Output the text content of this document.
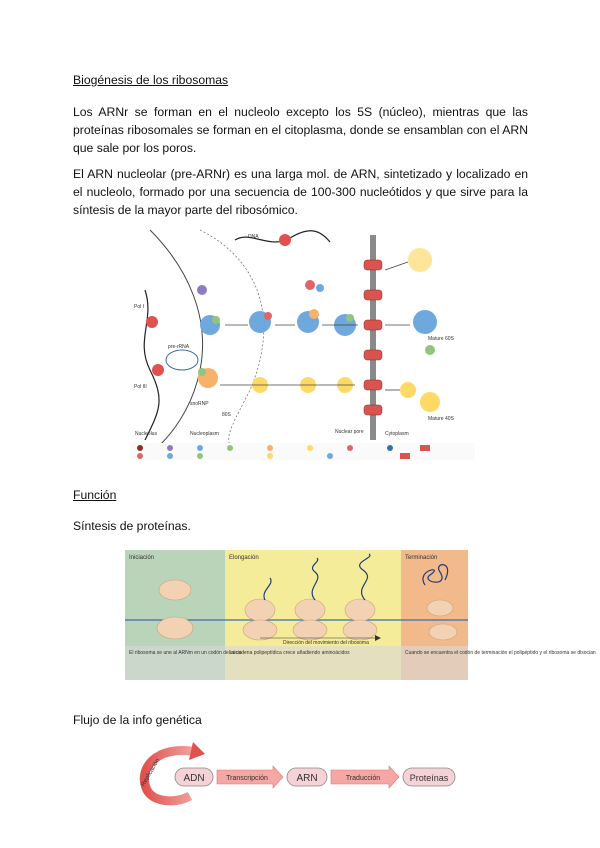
Biogénesis de los ribosomas
Los ARNr se forman en el nucleolo excepto los 5S (núcleo), mientras que las proteínas ribosomales se forman en el citoplasma, donde se ensamblan con el ARN que sale por los poros.
El ARN nucleolar (pre-ARNr) es una larga mol. de ARN, sintetizado y localizado en el nucleolo, formado por una secuencia de 100-300 nucleótidos y que sirve para la síntesis de la mayor parte del ribosómico.
Nucleolus	Nucleoplasm	Cytoplasm
Nuclear pore
Pol I
Pol III
pre-rRNA
snoRNP
80S
Mature 60S
Mature 40S
DNA
Función
Síntesis de proteínas.
Iniciación	Elongación	Terminación
Dirección del movimiento del ribosoma
El ribosoma se une al ARNm en un codón de inicio
La cadena polipeptídica crece añadiendo aminoácidos	Cuando se encuentra el codón de terminación el polipéptido y el ribosoma se disocian
Flujo de la info genética
Replicación ADN	Transcripción	ARN	Traducción	Proteínas
